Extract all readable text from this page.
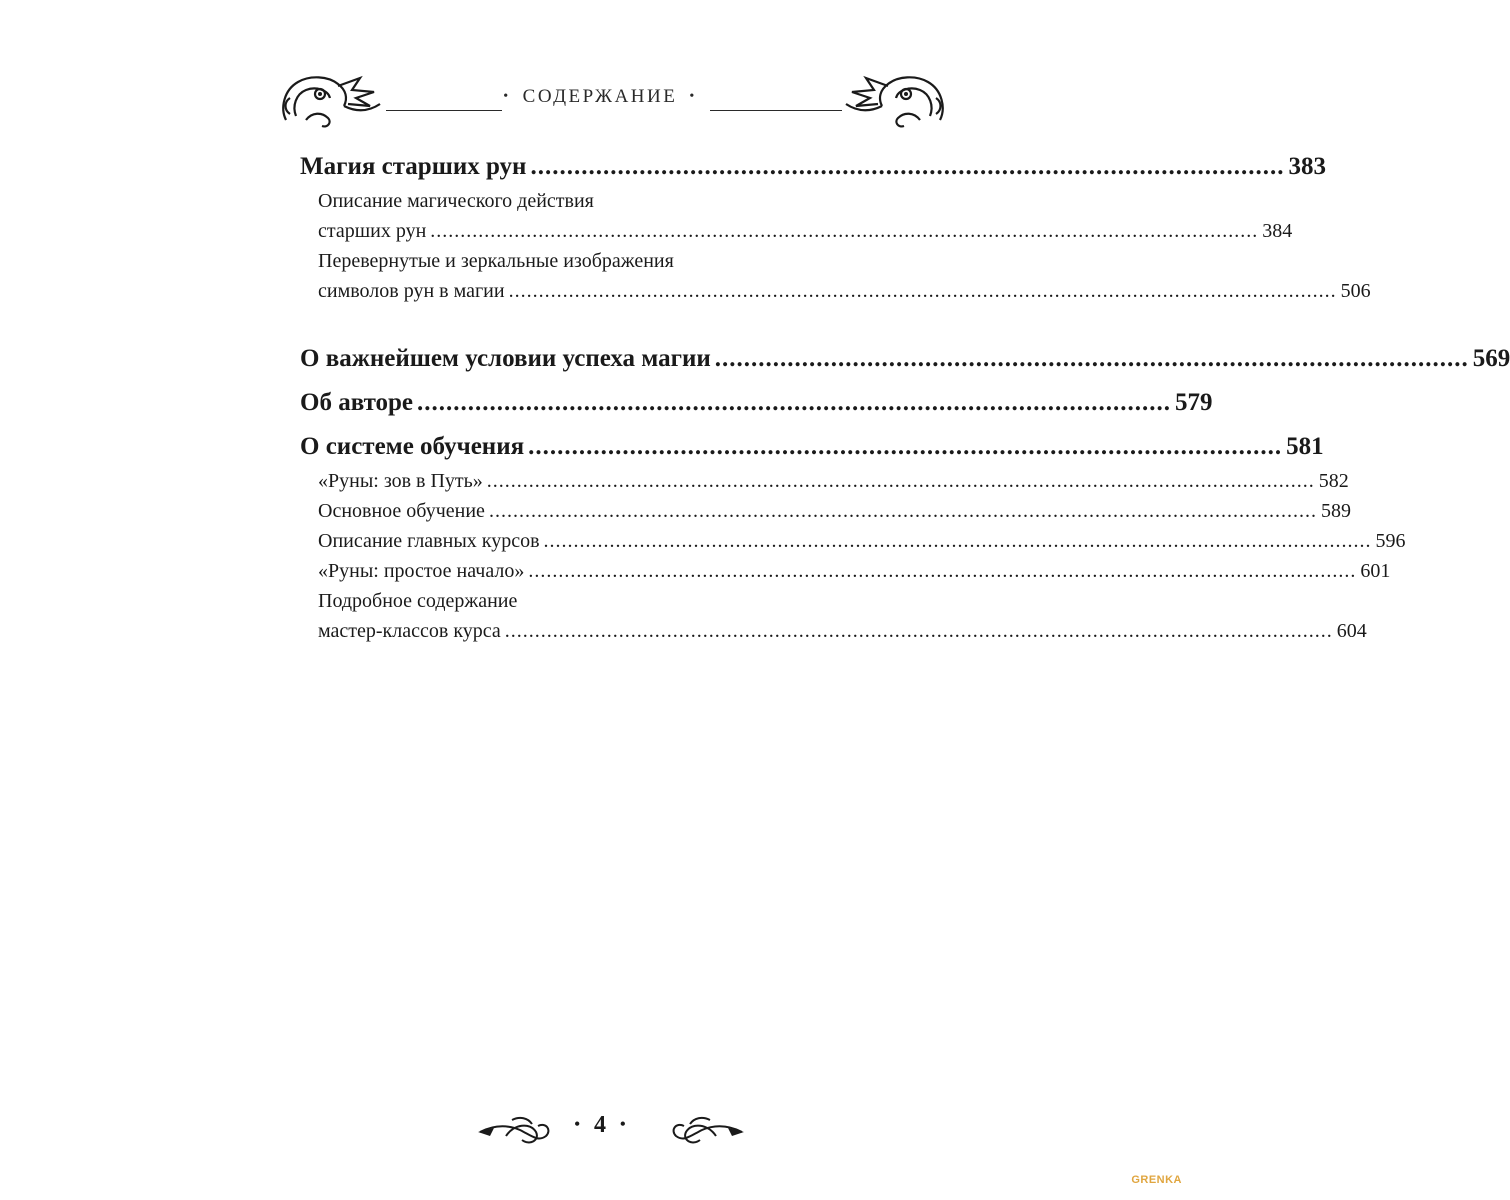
• СОДЕРЖАНИЕ •
Магия старших рун ........................................................................................................ 383
Описание магического действия
старших рун .......................................................................................................................................... 384
Перевернутые и зеркальные изображения
символов рун в магии .......................................................................................................................................... 506
О важнейшем условии успеха магии ........................................................................................................ 569
Об авторе ........................................................................................................ 579
О системе обучения ........................................................................................................ 581
«Руны: зов в Путь» .......................................................................................................................................... 582
Основное обучение .......................................................................................................................................... 589
Описание главных курсов .......................................................................................................................................... 596
«Руны: простое начало» .......................................................................................................................................... 601
Подробное содержание
мастер-классов курса .......................................................................................................................................... 604
• 4 •
GRENKA
